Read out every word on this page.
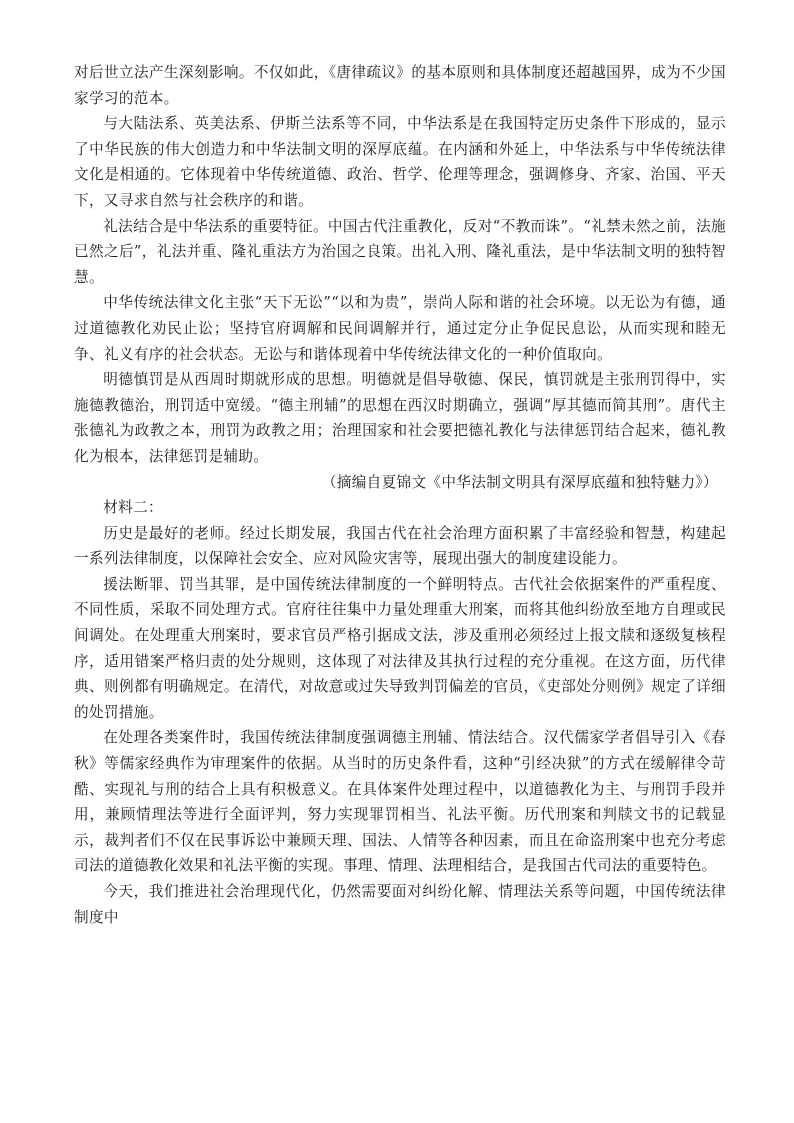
对后世立法产生深刻影响。不仅如此，《唐律疏议》的基本原则和具体制度还超越国界，成为不少国家学习的范本。

与大陆法系、英美法系、伊斯兰法系等不同，中华法系是在我国特定历史条件下形成的，显示了中华民族的伟大创造力和中华法制文明的深厚底蕴。在内涵和外延上，中华法系与中华传统法律文化是相通的。它体现着中华传统道德、政治、哲学、伦理等理念，强调修身、齐家、治国、平天下，又寻求自然与社会秩序的和谐。

礼法结合是中华法系的重要特征。中国古代注重教化，反对“不教而诛”。“礼禁未然之前，法施已然之后”，礼法并重、隆礼重法方为治国之良策。出礼入刑、隆礼重法，是中华法制文明的独特智慧。

中华传统法律文化主张“天下无讼”“以和为贵”，崇尚人际和谐的社会环境。以无讼为有德，通过道德教化劝民止讼；坚持官府调解和民间调解并行，通过定分止争促民息讼，从而实现和睦无争、礼义有序的社会状态。无讼与和谐体现着中华传统法律文化的一种价值取向。

明德慎罚是从西周时期就形成的思想。明德就是倡导敬德、保民，慎罚就是主张刑罚得中，实施德教德治，刑罚适中宽缓。“德主刑辅”的思想在西汉时期确立，强调“厚其德而简其刑”。唐代主张德礼为政教之本，刑罚为政教之用；治理国家和社会要把德礼教化与法律惩罚结合起来，德礼教化为根本，法律惩罚是辅助。

（摘编自夏锦文《中华法制文明具有深厚底蕴和独特魅力》）

材料二：

历史是最好的老师。经过长期发展，我国古代在社会治理方面积累了丰富经验和智慧，构建起一系列法律制度，以保障社会安全、应对风险灾害等，展现出强大的制度建设能力。

援法断罪、罚当其罪，是中国传统法律制度的一个鲜明特点。古代社会依据案件的严重程度、不同性质，采取不同处理方式。官府往往集中力量处理重大刑案，而将其他纠纷放至地方自理或民间调处。在处理重大刑案时，要求官员严格引据成文法，涉及重刑必须经过上报文牍和逐级复核程序，适用错案严格归责的处分规则，这体现了对法律及其执行过程的充分重视。在这方面，历代律典、则例都有明确规定。在清代，对故意或过失导致判罚偏差的官员，《吏部处分则例》规定了详细的处罚措施。

在处理各类案件时，我国传统法律制度强调德主刑辅、情法结合。汉代儒家学者倡导引入《春秋》等儒家经典作为审理案件的依据。从当时的历史条件看，这种“引经决狱”的方式在缓解律令苛酷、实现礼与刑的结合上具有积极意义。在具体案件处理过程中，以道德教化为主、与刑罚手段并用，兼顾情理法等进行全面评判，努力实现罪罚相当、礼法平衡。历代刑案和判牍文书的记载显示，裁判者们不仅在民事诉讼中兼顾天理、国法、人情等各种因素，而且在命盗刑案中也充分考虑司法的道德教化效果和礼法平衡的实现。事理、情理、法理相结合，是我国古代司法的重要特色。

今天，我们推进社会治理现代化，仍然需要面对纠纷化解、情理法关系等问题，中国传统法律制度中
